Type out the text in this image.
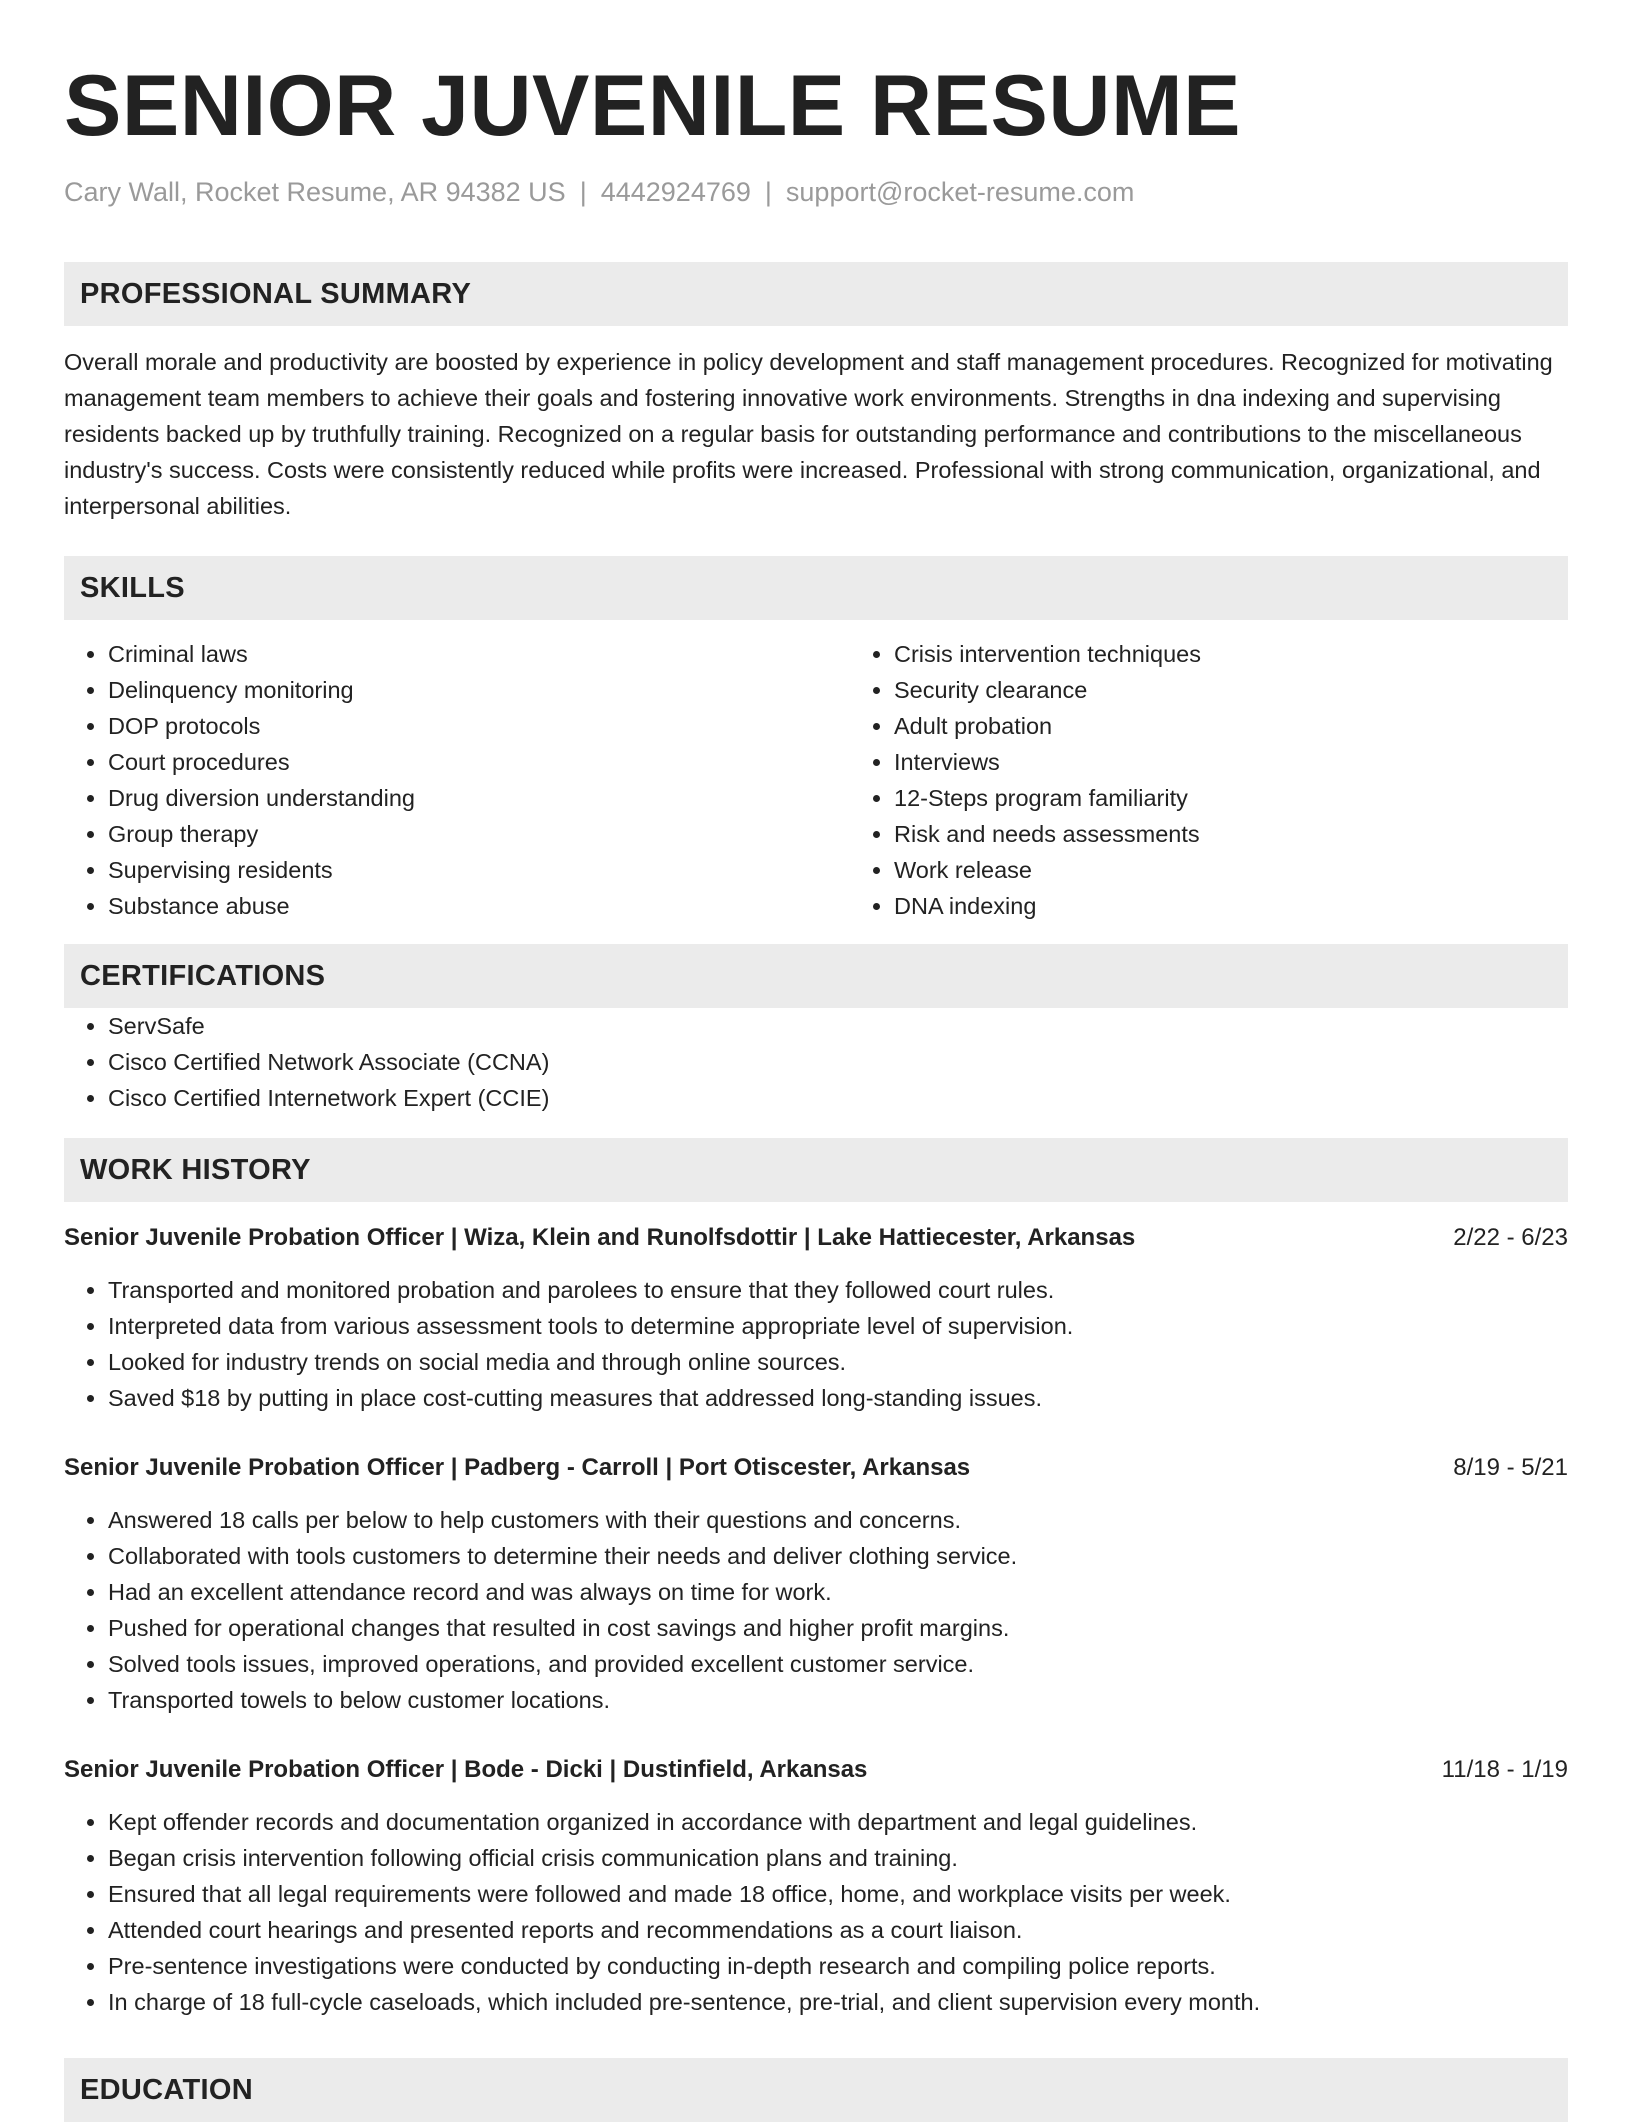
SENIOR JUVENILE RESUME
Cary Wall, Rocket Resume, AR 94382 US | 4442924769 | support@rocket-resume.com
PROFESSIONAL SUMMARY

Overall morale and productivity are boosted by experience in policy development and staff management procedures. Recognized for motivating management team members to achieve their goals and fostering innovative work environments. Strengths in dna indexing and supervising residents backed up by truthfully training. Recognized on a regular basis for outstanding performance and contributions to the miscellaneous industry's success. Costs were consistently reduced while profits were increased. Professional with strong communication, organizational, and interpersonal abilities.

SKILLS
• Criminal laws
• Delinquency monitoring
• DOP protocols
• Court procedures
• Drug diversion understanding
• Group therapy
• Supervising residents
• Substance abuse
• Crisis intervention techniques
• Security clearance
• Adult probation
• Interviews
• 12-Steps program familiarity
• Risk and needs assessments
• Work release
• DNA indexing
CERTIFICATIONS
• ServSafe
• Cisco Certified Network Associate (CCNA)
• Cisco Certified Internetwork Expert (CCIE)
WORK HISTORY
Senior Juvenile Probation Officer | Wiza, Klein and Runolfsdottir | Lake Hattiecester, Arkansas	2/22 - 6/23
• Transported and monitored probation and parolees to ensure that they followed court rules.
• Interpreted data from various assessment tools to determine appropriate level of supervision.
• Looked for industry trends on social media and through online sources.
• Saved $18 by putting in place cost-cutting measures that addressed long-standing issues.
Senior Juvenile Probation Officer | Padberg - Carroll | Port Otiscester, Arkansas	8/19 - 5/21
• Answered 18 calls per below to help customers with their questions and concerns.
• Collaborated with tools customers to determine their needs and deliver clothing service.
• Had an excellent attendance record and was always on time for work.
• Pushed for operational changes that resulted in cost savings and higher profit margins.
• Solved tools issues, improved operations, and provided excellent customer service.
• Transported towels to below customer locations.
Senior Juvenile Probation Officer | Bode - Dicki | Dustinfield, Arkansas	11/18 - 1/19
• Kept offender records and documentation organized in accordance with department and legal guidelines.
• Began crisis intervention following official crisis communication plans and training.
• Ensured that all legal requirements were followed and made 18 office, home, and workplace visits per week.
• Attended court hearings and presented reports and recommendations as a court liaison.
• Pre-sentence investigations were conducted by conducting in-depth research and compiling police reports.
• In charge of 18 full-cycle caseloads, which included pre-sentence, pre-trial, and client supervision every month.
EDUCATION
